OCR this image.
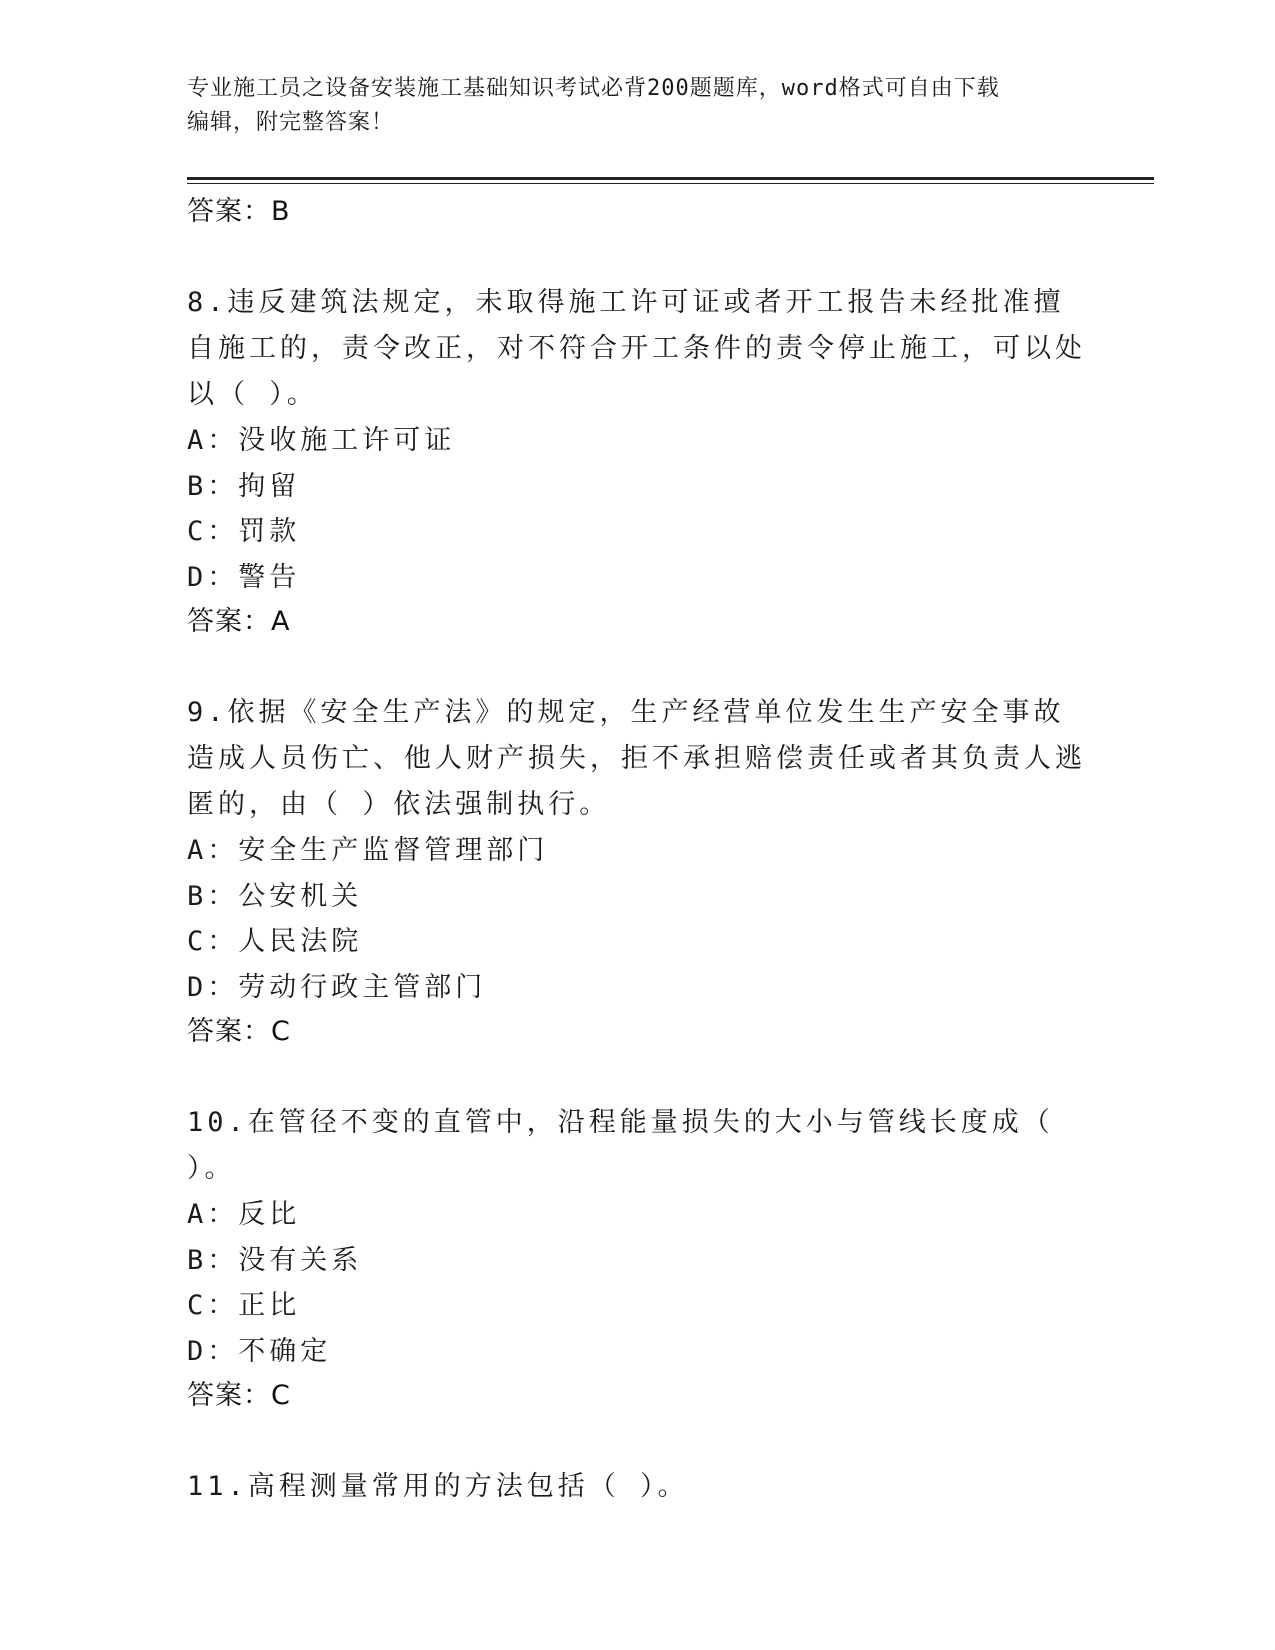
专业施工员之设备安装施工基础知识考试必背200题题库，word格式可自由下载
编辑，附完整答案！
答案：B
8.违反建筑法规定，未取得施工许可证或者开工报告未经批准擅自施工的，责令改正，对不符合开工条件的责令停止施工，可以处以（ ）。
A：没收施工许可证
B：拘留
C：罚款
D：警告
答案：A
9.依据《安全生产法》的规定，生产经营单位发生生产安全事故造成人员伤亡、他人财产损失，拒不承担赔偿责任或者其负责人逃匿的，由（ ）依法强制执行。
A：安全生产监督管理部门
B：公安机关
C：人民法院
D：劳动行政主管部门
答案：C
10.在管径不变的直管中，沿程能量损失的大小与管线长度成（ ）。
A：反比
B：没有关系
C：正比
D：不确定
答案：C
11.高程测量常用的方法包括（ ）。
